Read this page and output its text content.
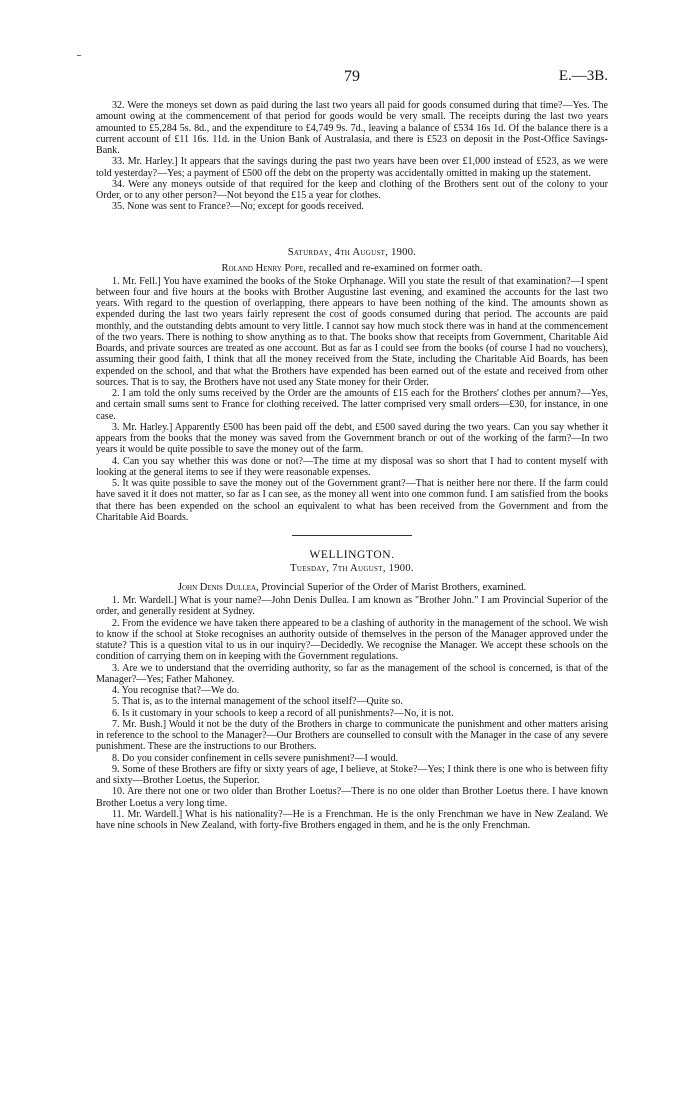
79	E.—3B.

32. Were the moneys set down as paid during the last two years all paid for goods consumed during that time?—Yes. The amount owing at the commencement of that period for goods would be very small. The receipts during the last two years amounted to £5,284 5s. 8d., and the expenditure to £4,749 9s. 7d., leaving a balance of £534 16s 1d. Of the balance there is a current account of £11 16s. 11d. in the Union Bank of Australasia, and there is £523 on deposit in the Post-Office Savings-Bank.

33. Mr. Harley.] It appears that the savings during the past two years have been over £1,000 instead of £523, as we were told yesterday?—Yes; a payment of £500 off the debt on the property was accidentally omitted in making up the statement.

34. Were any moneys outside of that required for the keep and clothing of the Brothers sent out of the colony to your Order, or to any other person?—Not beyond the £15 a year for clothes.

35. None was sent to France?—No; except for goods received.

Saturday, 4th August, 1900.
Roland Henry Pope, recalled and re-examined on former oath.

1. Mr. Fell.] You have examined the books of the Stoke Orphanage. Will you state the result of that examination?—I spent between four and five hours at the books with Brother Augustine last evening, and examined the accounts for the last two years. With regard to the question of overlapping, there appears to have been nothing of the kind. The amounts shown as expended during the last two years fairly represent the cost of goods consumed during that period. The accounts are paid monthly, and the outstanding debts amount to very little. I cannot say how much stock there was in hand at the commencement of the two years. There is nothing to show anything as to that. The books show that receipts from Government, Charitable Aid Boards, and private sources are treated as one account. But as far as I could see from the books (of course I had no vouchers), assuming their good faith, I think that all the money received from the State, including the Charitable Aid Boards, has been expended on the school, and that what the Brothers have expended has been earned out of the estate and received from other sources. That is to say, the Brothers have not used any State money for their Order.

2. I am told the only sums received by the Order are the amounts of £15 each for the Brothers' clothes per annum?—Yes, and certain small sums sent to France for clothing received. The latter comprised very small orders—£30, for instance, in one case.

3. Mr. Harley.] Apparently £500 has been paid off the debt, and £500 saved during the two years. Can you say whether it appears from the books that the money was saved from the Government branch or out of the working of the farm?—In two years it would be quite possible to save the money out of the farm.

4. Can you say whether this was done or not?—The time at my disposal was so short that I had to content myself with looking at the general items to see if they were reasonable expenses.

5. It was quite possible to save the money out of the Government grant?—That is neither here nor there. If the farm could have saved it it does not matter, so far as I can see, as the money all went into one common fund. I am satisfied from the books that there has been expended on the school an equivalent to what has been received from the Government and from the Charitable Aid Boards.

WELLINGTON.
Tuesday, 7th August, 1900.
John Denis Dullea, Provincial Superior of the Order of Marist Brothers, examined.

1. Mr. Wardell.] What is your name?—John Denis Dullea. I am known as "Brother John." I am Provincial Superior of the order, and generally resident at Sydney.

2. From the evidence we have taken there appeared to be a clashing of authority in the management of the school. We wish to know if the school at Stoke recognises an authority outside of themselves in the person of the Manager approved under the statute? This is a question vital to us in our inquiry?—Decidedly. We recognise the Manager. We accept these schools on the condition of carrying them on in keeping with the Government regulations.

3. Are we to understand that the overriding authority, so far as the management of the school is concerned, is that of the Manager?—Yes; Father Mahoney.

4. You recognise that?—We do.

5. That is, as to the internal management of the school itself?—Quite so.

6. Is it customary in your schools to keep a record of all punishments?—No, it is not.

7. Mr. Bush.] Would it not be the duty of the Brothers in charge to communicate the punishment and other matters arising in reference to the school to the Manager?—Our Brothers are counselled to consult with the Manager in the case of any severe punishment. These are the instructions to our Brothers.

8. Do you consider confinement in cells severe punishment?—I would.

9. Some of these Brothers are fifty or sixty years of age, I believe, at Stoke?—Yes; I think there is one who is between fifty and sixty—Brother Loetus, the Superior.

10. Are there not one or two older than Brother Loetus?—There is no one older than Brother Loetus there. I have known Brother Loetus a very long time.

11. Mr. Wardell.] What is his nationality?—He is a Frenchman. He is the only Frenchman we have in New Zealand. We have nine schools in New Zealand, with forty-five Brothers engaged in them, and he is the only Frenchman.
